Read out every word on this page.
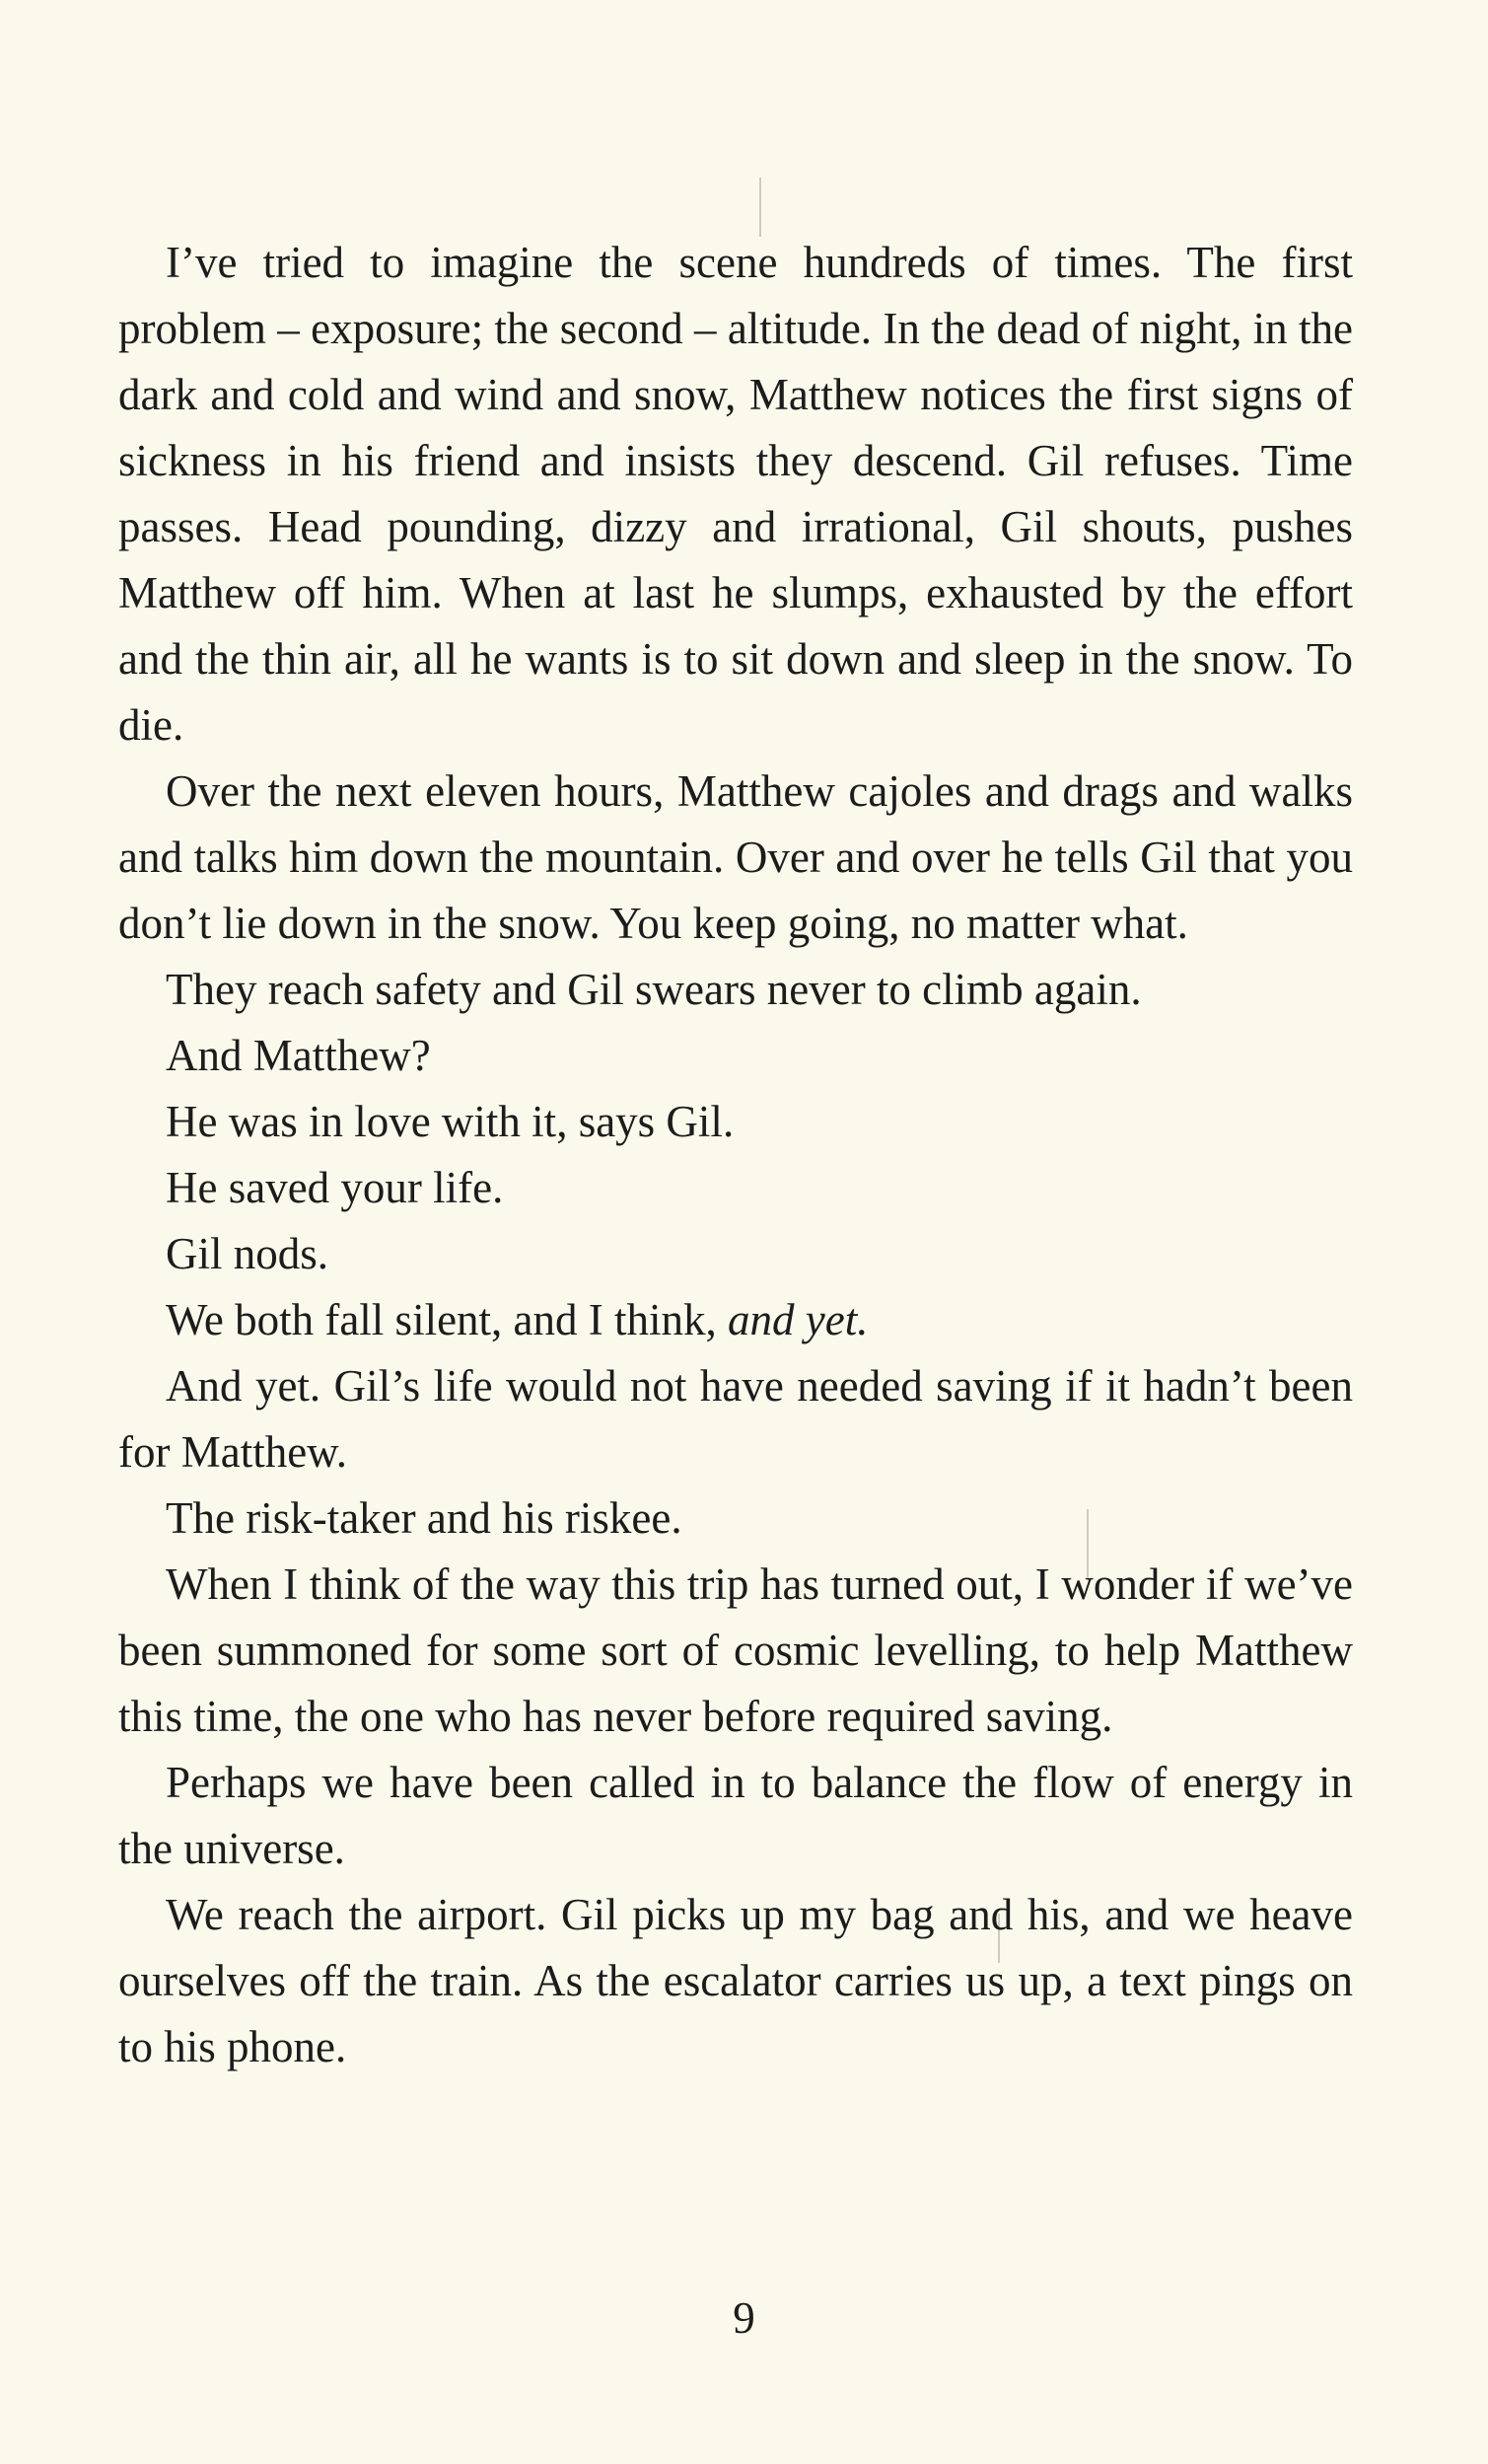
I’ve tried to imagine the scene hundreds of times. The first problem – exposure; the second – altitude. In the dead of night, in the dark and cold and wind and snow, Matthew notices the first signs of sickness in his friend and insists they descend. Gil refuses. Time passes. Head pounding, dizzy and irrational, Gil shouts, pushes Matthew off him. When at last he slumps, exhausted by the effort and the thin air, all he wants is to sit down and sleep in the snow. To die.

Over the next eleven hours, Matthew cajoles and drags and walks and talks him down the mountain. Over and over he tells Gil that you don’t lie down in the snow. You keep going, no matter what.

They reach safety and Gil swears never to climb again.

And Matthew?

He was in love with it, says Gil.

He saved your life.

Gil nods.

We both fall silent, and I think, and yet.

And yet. Gil’s life would not have needed saving if it hadn’t been for Matthew.

The risk-taker and his riskee.

When I think of the way this trip has turned out, I wonder if we’ve been summoned for some sort of cosmic levelling, to help Matthew this time, the one who has never before required saving.

Perhaps we have been called in to balance the flow of energy in the universe.

We reach the airport. Gil picks up my bag and his, and we heave ourselves off the train. As the escalator carries us up, a text pings on to his phone.

9
